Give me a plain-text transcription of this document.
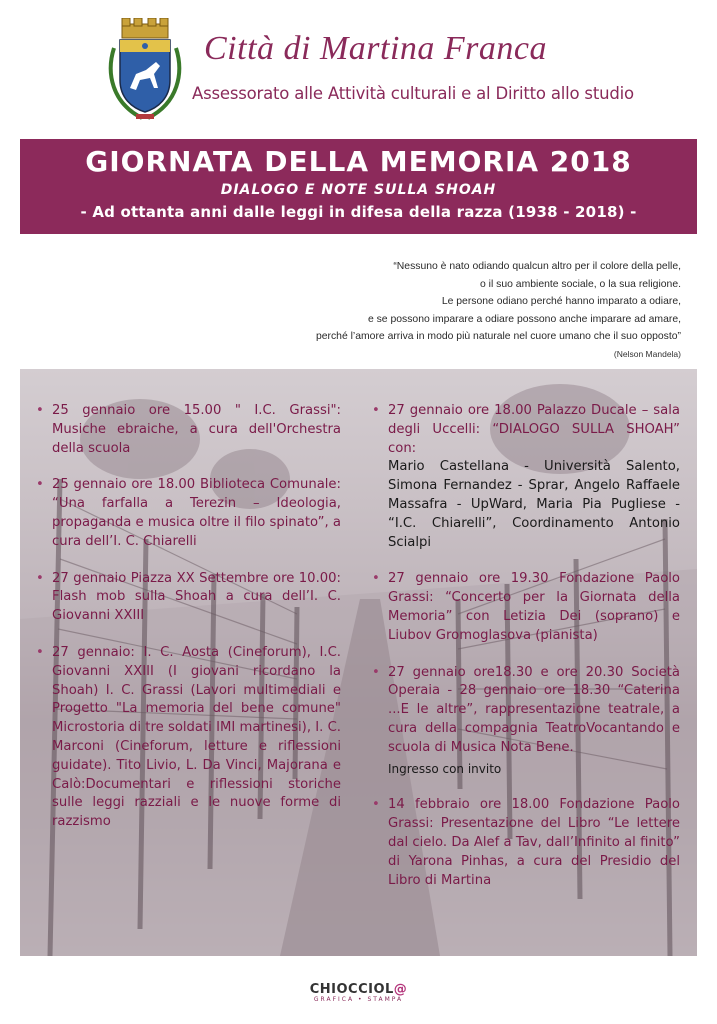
Città di Martina Franca
Assessorato alle Attività culturali e al Diritto allo studio
GIORNATA DELLA MEMORIA 2018
DIALOGO E NOTE SULLA SHOAH
- Ad ottanta anni dalle leggi in difesa della razza (1938 - 2018) -
“Nessuno è nato odiando qualcun altro per il colore della pelle,
o il suo ambiente sociale, o la sua religione.
Le persone odiano perché hanno imparato a odiare,
e se possono imparare a odiare possono anche imparare ad amare,
perché l’amore arriva in modo più naturale nel cuore umano che il suo opposto”
(Nelson Mandela)
• 25 gennaio ore 15.00 " I.C. Grassi": Musiche ebraiche, a cura dell'Orchestra della scuola
• 25 gennaio ore 18.00 Biblioteca Comunale: “Una farfalla a Terezin – Ideologia, propaganda e musica oltre il filo spinato”, a cura dell’I. C. Chiarelli
• 27 gennaio Piazza XX Settembre ore 10.00: Flash mob sulla Shoah a cura dell’I. C. Giovanni XXIII
• 27 gennaio: I. C. Aosta (Cineforum), I.C. Giovanni XXIII (I giovani ricordano la Shoah) I. C. Grassi (Lavori multimediali e Progetto "La memoria del bene comune" Microstoria di tre soldati IMI martinesi), I. C. Marconi (Cineforum, letture e riflessioni guidate). Tito Livio, L. Da Vinci, Majorana e Calò:Documentari e riflessioni storiche sulle leggi razziali e le nuove forme di razzismo
• 27 gennaio ore 18.00 Palazzo Ducale – sala degli Uccelli: “DIALOGO SULLA SHOAH” con:
Mario Castellana - Università Salento, Simona Fernandez - Sprar, Angelo Raffaele Massafra - UpWard, Maria Pia Pugliese - “I.C. Chiarelli”, Coordinamento Antonio Scialpi
• 27 gennaio ore 19.30 Fondazione Paolo Grassi: “Concerto per la Giornata della Memoria” con Letizia Dei (soprano) e Liubov Gromoglasova (pianista)
• 27 gennaio ore18.30 e ore 20.30 Società Operaia - 28 gennaio ore 18.30 “Caterina ...E le altre”, rappresentazione teatrale, a cura della compagnia TeatroVocantando e scuola di Musica Nota Bene.
Ingresso con invito
• 14 febbraio ore 18.00 Fondazione Paolo Grassi: Presentazione del Libro “Le lettere dal cielo. Da Alef a Tav, dall’Infinito al finito” di Yarona Pinhas, a cura del Presidio del Libro di Martina
CHIOCCIOL@
GRAFICA • STAMPA
